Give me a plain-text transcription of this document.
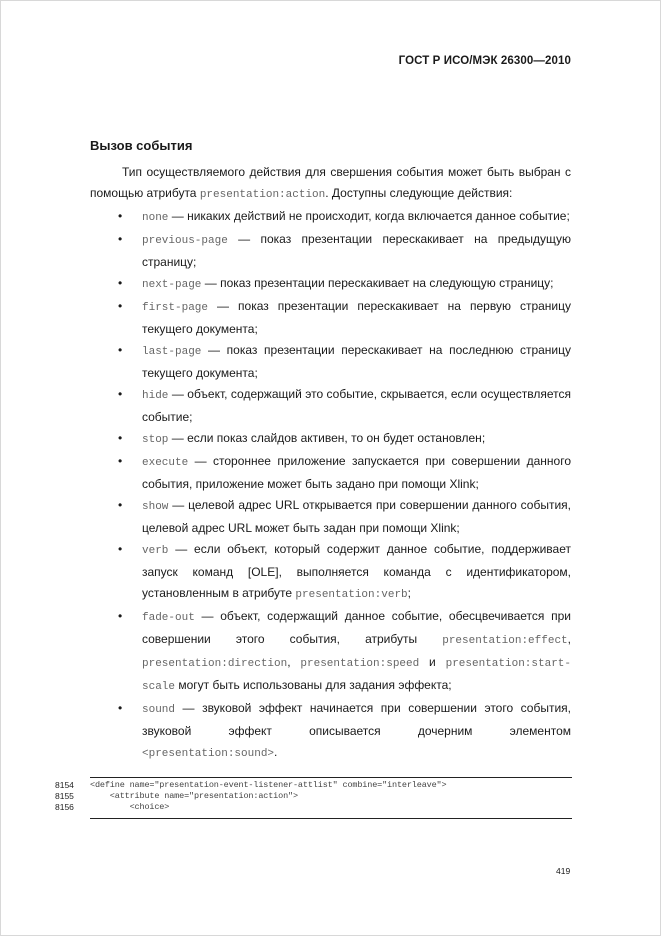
ГОСТ Р ИСО/МЭК 26300—2010
Вызов события

Тип осуществляемого действия для свершения события может быть выбран с помощью атрибута presentation:action. Доступны следующие действия:

• none — никаких действий не происходит, когда включается данное событие;
• previous-page — показ презентации перескакивает на предыдущую страницу;
• next-page — показ презентации перескакивает на следующую страницу;
• first-page — показ презентации перескакивает на первую страницу текущего документа;
• last-page — показ презентации перескакивает на последнюю страницу текущего документа;
• hide — объект, содержащий это событие, скрывается, если осуществляется событие;
• stop — если показ слайдов активен, то он будет остановлен;
• execute — стороннее приложение запускается при совершении данного события, приложение может быть задано при помощи Xlink;
• show — целевой адрес URL открывается при совершении данного события, целевой адрес URL может быть задан при помощи Xlink;
• verb — если объект, который содержит данное событие, поддерживает запуск команд [OLE], выполняется команда с идентификатором, установленным в атрибуте presentation:verb;
• fade-out — объект, содержащий данное событие, обесцвечивается при совершении этого события, атрибуты presentation:effect, presentation:direction, presentation:speed и presentation:start-scale могут быть использованы для задания эффекта;
• sound — звуковой эффект начинается при совершении этого события, звуковой эффект описывается дочерним элементом <presentation:sound>.
8154
8155
8156
<define name="presentation-event-listener-attlist" combine="interleave">
<attribute name="presentation:action">
<choice>
419
